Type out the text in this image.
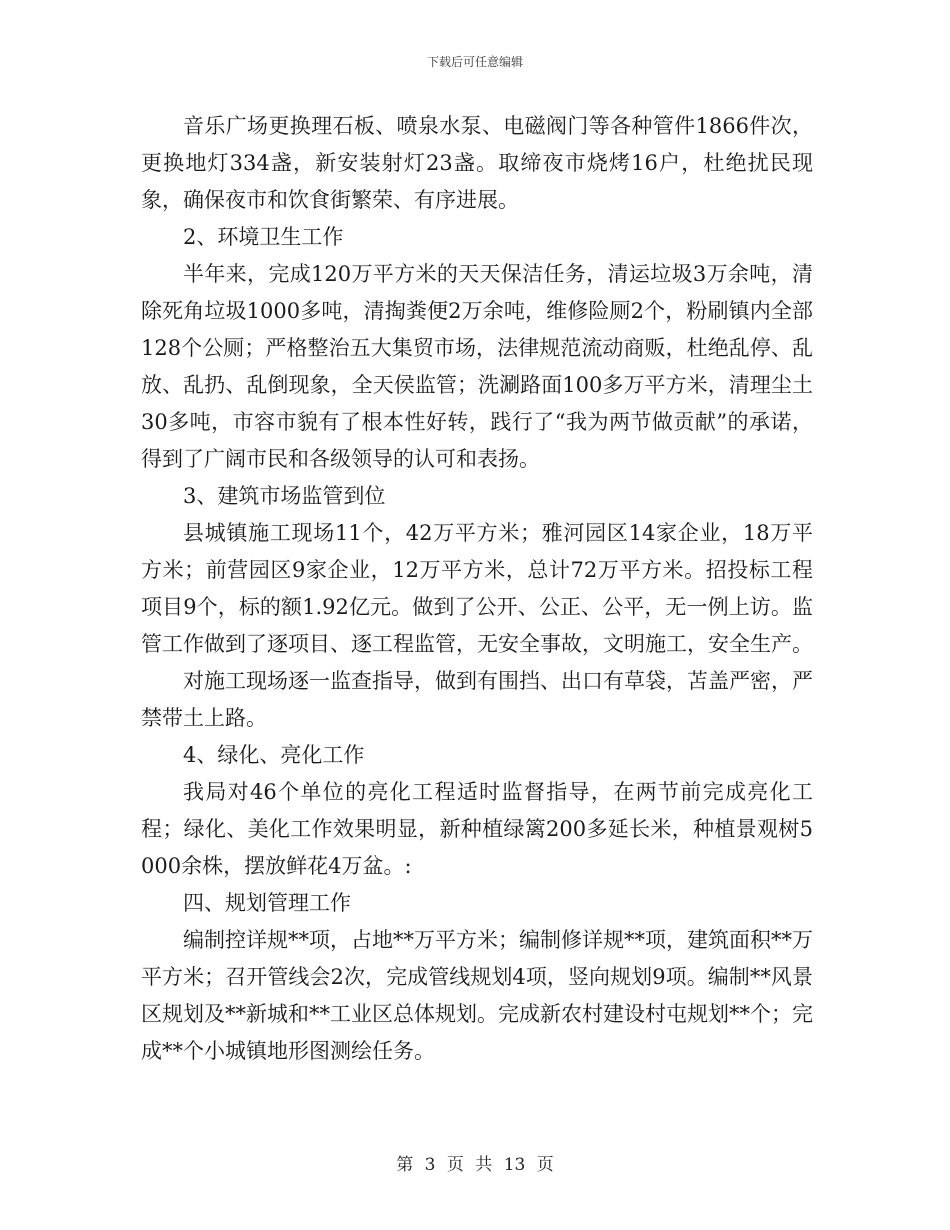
下载后可任意编辑

音乐广场更换理石板、喷泉水泵、电磁阀门等各种管件1866件次，更换地灯334盏，新安装射灯23盏。取缔夜市烧烤16户，杜绝扰民现象，确保夜市和饮食街繁荣、有序进展。

2、环境卫生工作

半年来，完成120万平方米的天天保洁任务，清运垃圾3万余吨，清除死角垃圾1000多吨，清掏粪便2万余吨，维修险厕2个，粉刷镇内全部128个公厕；严格整治五大集贸市场，法律规范流动商贩，杜绝乱停、乱放、乱扔、乱倒现象，全天侯监管；洗涮路面100多万平方米，清理尘土30多吨，市容市貌有了根本性好转，践行了“我为两节做贡献”的承诺，得到了广阔市民和各级领导的认可和表扬。

3、建筑市场监管到位

县城镇施工现场11个，42万平方米；雅河园区14家企业，18万平方米；前营园区9家企业，12万平方米，总计72万平方米。招投标工程项目9个，标的额1.92亿元。做到了公开、公正、公平，无一例上访。监管工作做到了逐项目、逐工程监管，无安全事故，文明施工，安全生产。

对施工现场逐一监查指导，做到有围挡、出口有草袋，苫盖严密，严禁带土上路。

4、绿化、亮化工作

我局对46个单位的亮化工程适时监督指导，在两节前完成亮化工程；绿化、美化工作效果明显，新种植绿篱200多延长米，种植景观树5000余株，摆放鲜花4万盆。:

四、规划管理工作

编制控详规**项，占地**万平方米；编制修详规**项，建筑面积**万平方米；召开管线会2次，完成管线规划4项，竖向规划9项。编制**风景区规划及**新城和**工业区总体规划。完成新农村建设村屯规划**个；完成**个小城镇地形图测绘任务。

第 3 页 共 13 页
